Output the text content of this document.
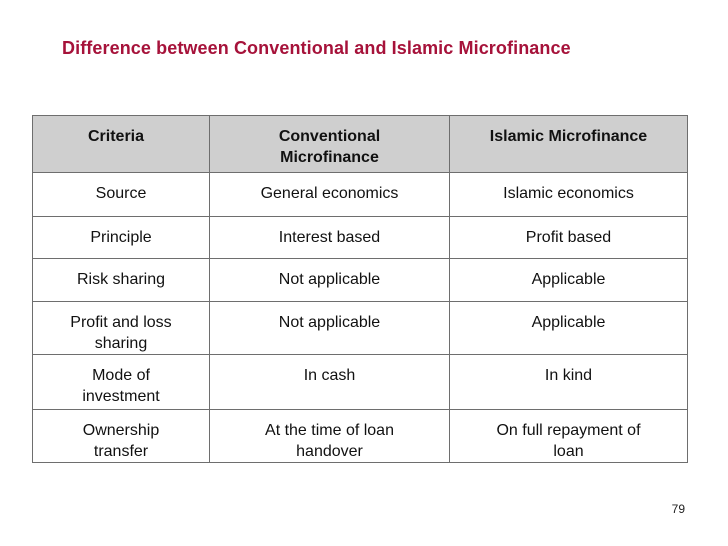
Difference between Conventional and Islamic Microfinance
Criteria	Conventional Microfinance	Islamic Microfinance

Source	General economics	Islamic economics

Principle	Interest based	Profit based

Risk sharing	Not applicable	Applicable

Profit and loss sharing	Not applicable	Applicable

Mode of investment	In cash	In kind

Ownership transfer	At the time of loan handover	On full repayment of loan
79
